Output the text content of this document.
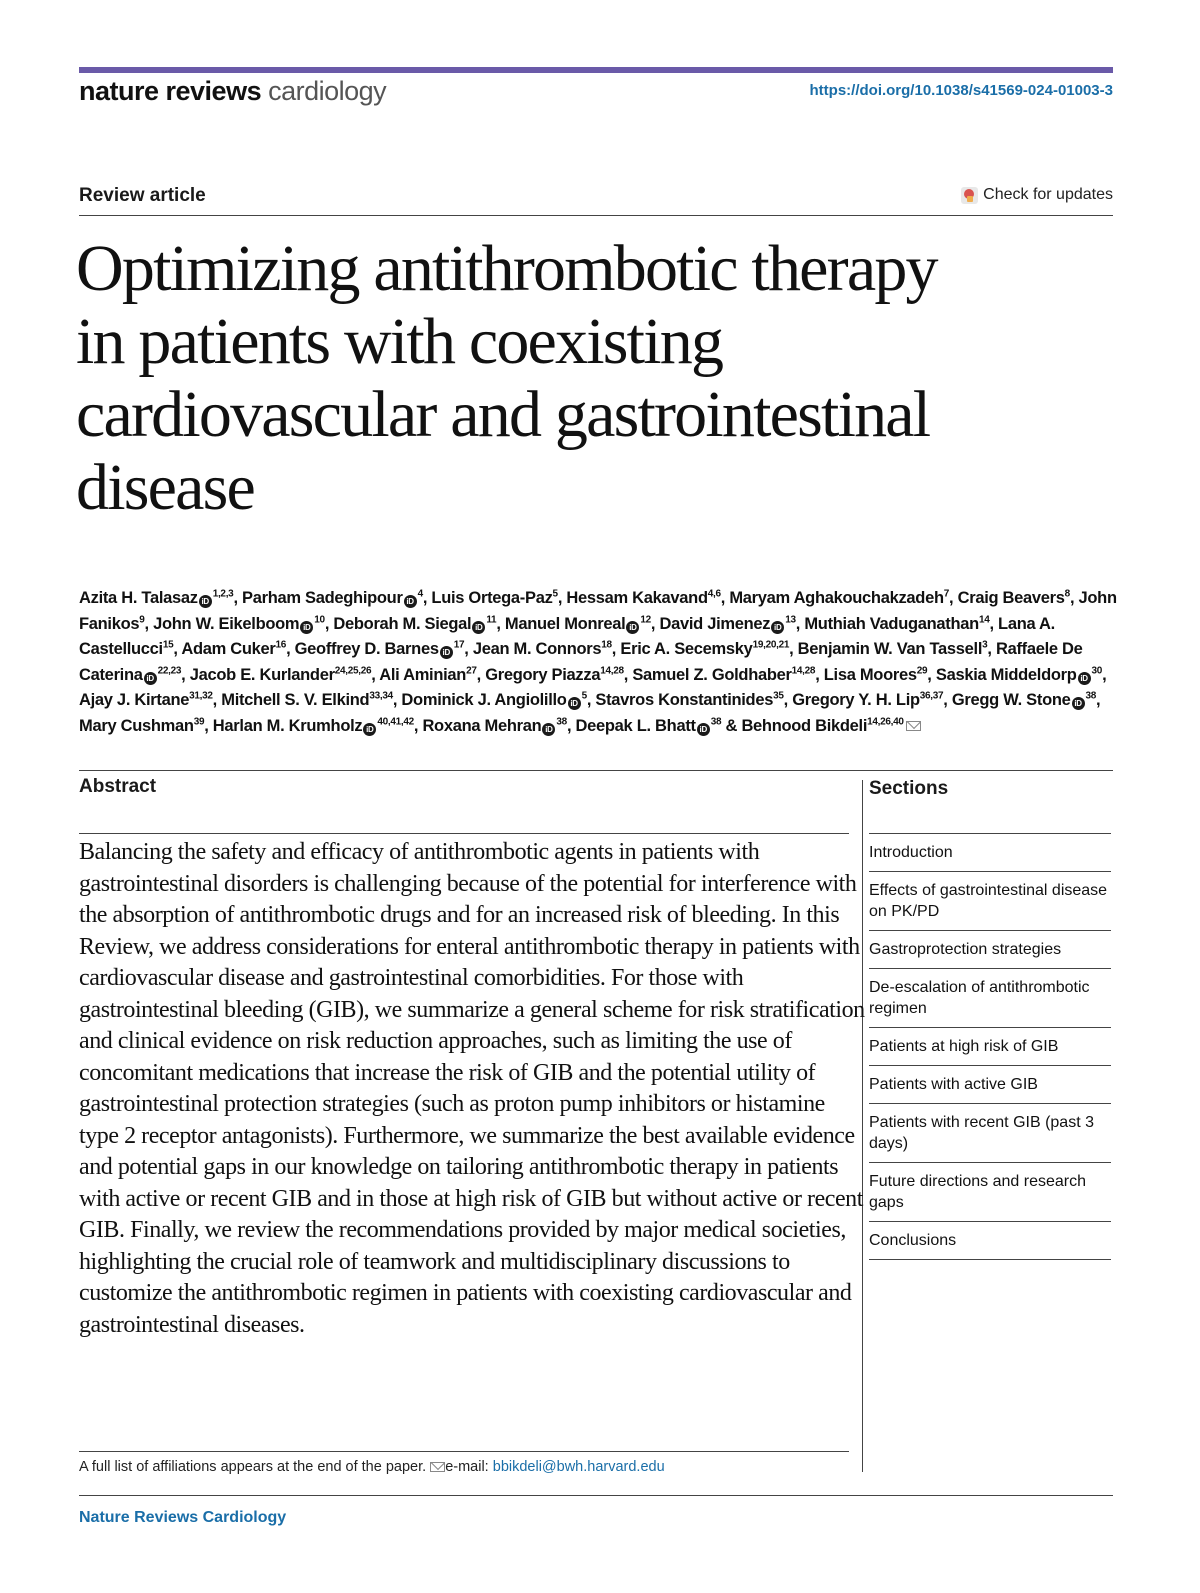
nature reviews cardiology	https://doi.org/10.1038/s41569-024-01003-3
Review article	Check for updates
Optimizing antithrombotic therapy in patients with coexisting cardiovascular and gastrointestinal disease
Azita H. Talasaz iD$^{1,2,3}$, Parham Sadeghipour $iD^4$, Luis Ortega-Paz$^5$, Hessam Kakavand$^{4,6}$, Maryam Aghakouchakzadeh$^7$, Craig Beavers$^8$, John Fanikos$^9$, John W. Eikelboom $iD^{10}$, Deborah M. Siegal $iD^{11}$, Manuel Monreal $iD^{12}$, David Jimenez $iD^{13}$, Muthiah Vaduganathan$^{14}$, Lana A. Castellucci$^{15}$, Adam Cuker$^{16}$, Geoffrey D. Barnes $iD^{17}$, Jean M. Connors$^{18}$, Eric A. Secemsky$^{19,20,21}$, Benjamin W. Van Tassell$^3$, Raffaele De Caterina iD$^{22,23}$, Jacob E. Kurlander$^{24,25,26}$, Ali Aminian$^{27}$, Gregory Piazza$^{14,28}$, Samuel Z. Goldhaber$^{14,28}$, Lisa Moores$^{29}$, Saskia Middeldorp $iD^{30}$, Ajay J. Kirtane$^{31,32}$, Mitchell S. V. Elkind$^{33,34}$, Dominick J. Angiolillo $iD^5$, Stavros Konstantinides$^{35}$, Gregory Y. H. Lip$^{36,37}$, Gregg W. Stone $iD^{38}$, Mary Cushman$^{39}$, Harlan M. Krumholz iD$^{40,41,42}$, Roxana Mehran $iD^{38}$, Deepak L. Bhatt $iD^{38}$ & Behnood Bikdeli$^{14,26,40}$
Abstract	Sections

Balancing the safety and efficacy of antithrombotic agents in patients with gastrointestinal disorders is challenging because of the potential for interference with the absorption of antithrombotic drugs and for an increased risk of bleeding. In this Review, we address considerations for enteral antithrombotic therapy in patients with cardiovascular disease and gastrointestinal comorbidities. For those with gastrointestinal bleeding (GIB), we summarize a general scheme for risk stratification and clinical evidence on risk reduction approaches, such as limiting the use of concomitant medications that increase the risk of GIB and the potential utility of gastrointestinal protection strategies (such as proton pump inhibitors or histamine type 2 receptor antagonists). Furthermore, we summarize the best available evidence and potential gaps in our knowledge on tailoring antithrombotic therapy in patients with active or recent GIB and in those at high risk of GIB but without active or recent GIB. Finally, we review the recommendations provided by major medical societies, highlighting the crucial role of teamwork and multidisciplinary discussions to customize the antithrombotic regimen in patients with coexisting cardiovascular and gastrointestinal diseases.

Introduction
Effects of gastrointestinal disease on PK/PD
Gastroprotection strategies
De-escalation of antithrombotic regimen
Patients at high risk of GIB
Patients with active GIB
Patients with recent GIB (past 3 days)
Future directions and research gaps
Conclusions
A full list of affiliations appears at the end of the paper. e-mail: bbikdeli@bwh.harvard.edu
Nature Reviews Cardiology
